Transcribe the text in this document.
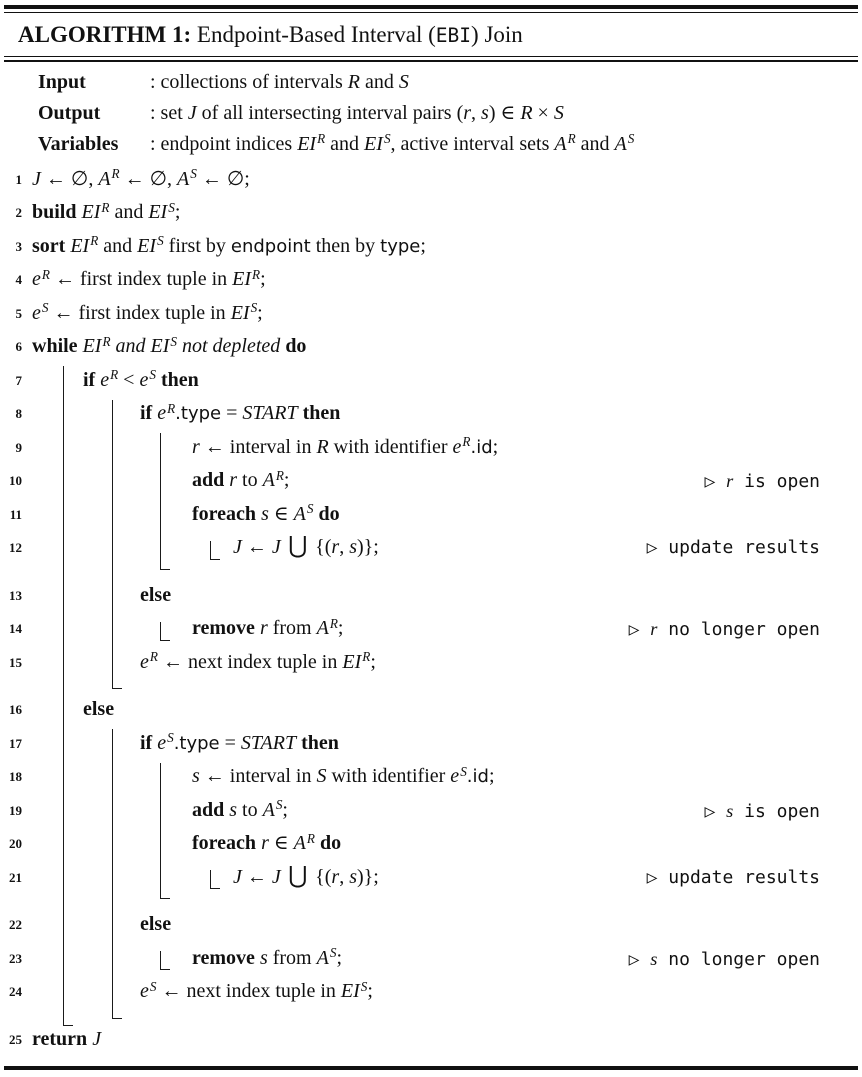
ALGORITHM 1: Endpoint-Based Interval (EBI) Join
Input	: collections of intervals R and S
Output : set J of all intersecting interval pairs (r, s) ∈ R × S
Variables : endpoint indices $EI^R$ and $EI^S$, active interval sets $A^R$ and $A^S$
1 J ← ∅, $A^R$ ← ∅, $A^S$ ← ∅;
2 build $EI^R$ and $EI^S$;
3 sort $EI^R$ and $EI^S$ first by endpoint then by type;
4 $e^R$ ← first index tuple in $EI^R$;
5 $e^S$ ← first index tuple in $EI^S$;
6 while $EI^R$ and $EI^S$ not depleted do
7	if $e^R < e^S$ then
8	if $e^R.type$ = START then
9	r ← interval in R with identifier $e^R.id$;
10	add r to $A^R$;	▷ r is open
11	foreach s ∈ $A^S$ do
12	J ← J ⋃ {(r, s)};	▷ update results
13	else
14	remove r from $A^R$;	▷ r no longer open
15	$e^R$ ← next index tuple in $EI^R$;
16	else
17	if $e^S.type$ = START then
18	s ← interval in S with identifier $e^S.id$;
19	add s to $A^S$;	▷ s is open
20	foreach r ∈ $A^R$ do
21	J ← J ⋃ {(r, s)};	▷ update results
22	else
23	remove s from $A^S$;	▷ s no longer open
24	$e^S$ ← next index tuple in $EI^S$;
25 return J
